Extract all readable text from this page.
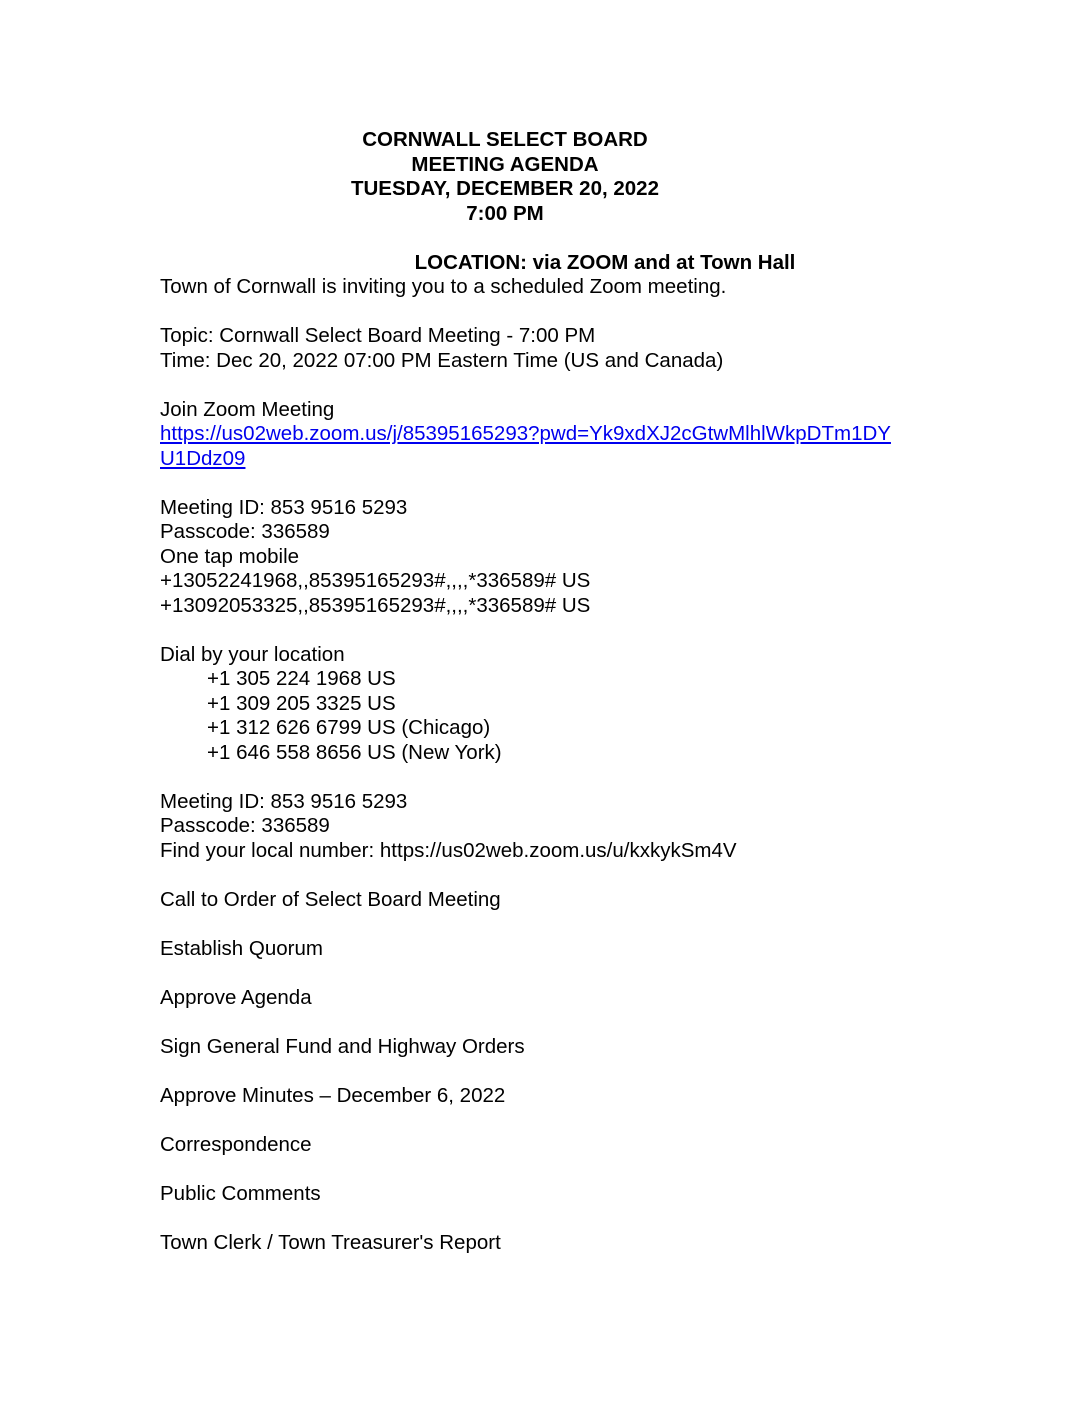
CORNWALL SELECT BOARD
MEETING AGENDA
TUESDAY, DECEMBER 20, 2022
7:00 PM
LOCATION: via ZOOM and at Town Hall
Town of Cornwall is inviting you to a scheduled Zoom meeting.
Topic: Cornwall Select Board Meeting - 7:00 PM
Time: Dec 20, 2022 07:00 PM Eastern Time (US and Canada)
Join Zoom Meeting
https://us02web.zoom.us/j/85395165293?pwd=Yk9xdXJ2cGtwMlhlWkpDTm1DY
U1Ddz09
Meeting ID: 853 9516 5293
Passcode: 336589
One tap mobile
+13052241968,,85395165293#,,,,*336589# US
+13092053325,,85395165293#,,,,*336589# US
Dial by your location
+1 305 224 1968 US
+1 309 205 3325 US
+1 312 626 6799 US (Chicago)
+1 646 558 8656 US (New York)
Meeting ID: 853 9516 5293
Passcode: 336589
Find your local number: https://us02web.zoom.us/u/kxkykSm4V
Call to Order of Select Board Meeting
Establish Quorum
Approve Agenda
Sign General Fund and Highway Orders
Approve Minutes – December 6, 2022
Correspondence
Public Comments
Town Clerk / Town Treasurer's Report
